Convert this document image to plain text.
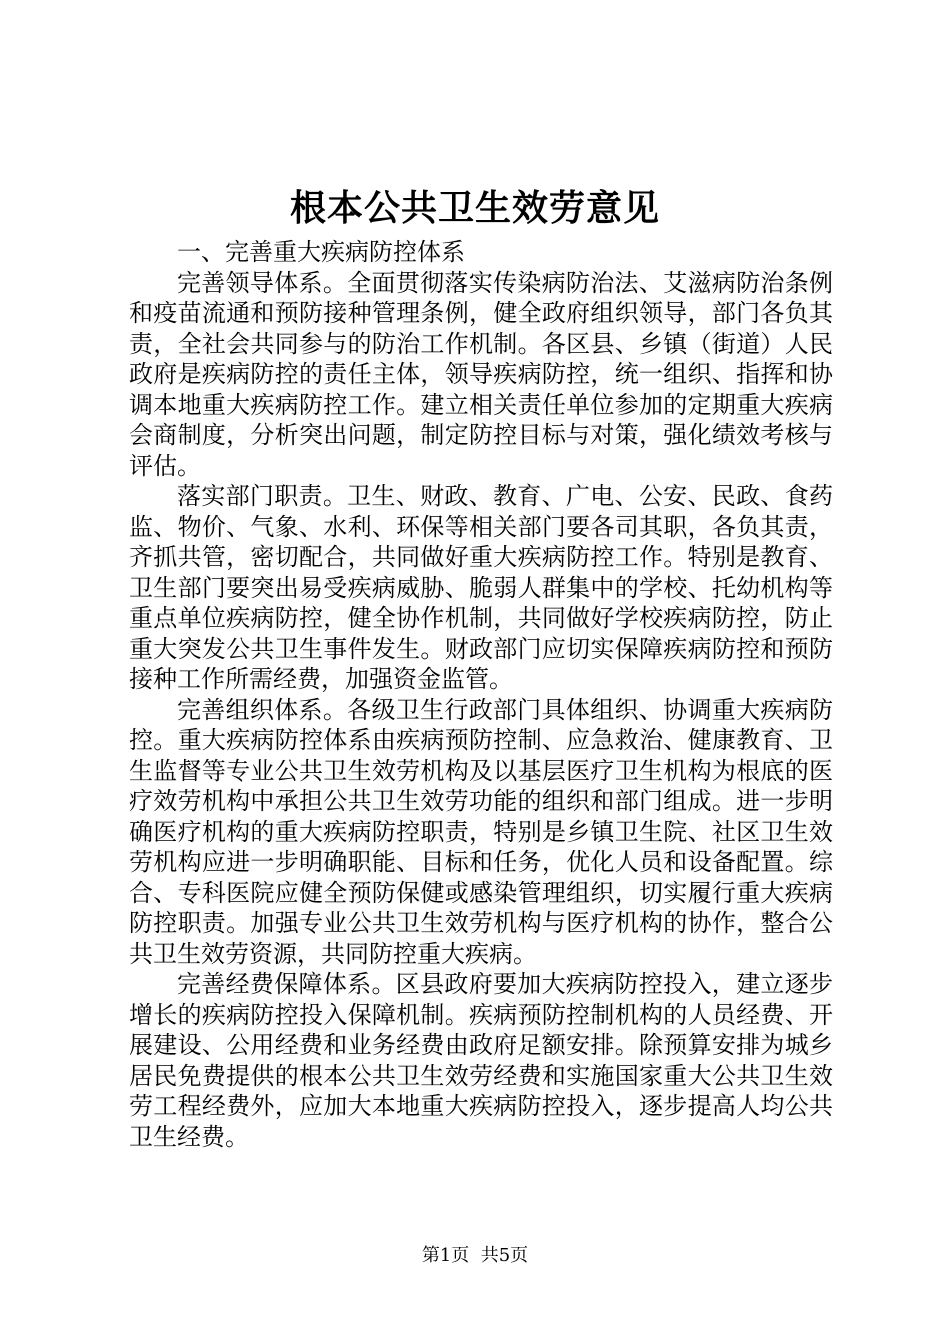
根本公共卫生效劳意见

一、完善重大疾病防控体系

完善领导体系。全面贯彻落实传染病防治法、艾滋病防治条例和疫苗流通和预防接种管理条例，健全政府组织领导，部门各负其责，全社会共同参与的防治工作机制。各区县、乡镇（街道）人民政府是疾病防控的责任主体，领导疾病防控，统一组织、指挥和协调本地重大疾病防控工作。建立相关责任单位参加的定期重大疾病会商制度，分析突出问题，制定防控目标与对策，强化绩效考核与评估。

落实部门职责。卫生、财政、教育、广电、公安、民政、食药监、物价、气象、水利、环保等相关部门要各司其职，各负其责，齐抓共管，密切配合，共同做好重大疾病防控工作。特别是教育、卫生部门要突出易受疾病威胁、脆弱人群集中的学校、托幼机构等重点单位疾病防控，健全协作机制，共同做好学校疾病防控，防止重大突发公共卫生事件发生。财政部门应切实保障疾病防控和预防接种工作所需经费，加强资金监管。

完善组织体系。各级卫生行政部门具体组织、协调重大疾病防控。重大疾病防控体系由疾病预防控制、应急救治、健康教育、卫生监督等专业公共卫生效劳机构及以基层医疗卫生机构为根底的医疗效劳机构中承担公共卫生效劳功能的组织和部门组成。进一步明确医疗机构的重大疾病防控职责，特别是乡镇卫生院、社区卫生效劳机构应进一步明确职能、目标和任务，优化人员和设备配置。综合、专科医院应健全预防保健或感染管理组织，切实履行重大疾病防控职责。加强专业公共卫生效劳机构与医疗机构的协作，整合公共卫生效劳资源，共同防控重大疾病。

完善经费保障体系。区县政府要加大疾病防控投入，建立逐步增长的疾病防控投入保障机制。疾病预防控制机构的人员经费、开展建设、公用经费和业务经费由政府足额安排。除预算安排为城乡居民免费提供的根本公共卫生效劳经费和实施国家重大公共卫生效劳工程经费外，应加大本地重大疾病防控投入，逐步提高人均公共卫生经费。

第1页 共5页
